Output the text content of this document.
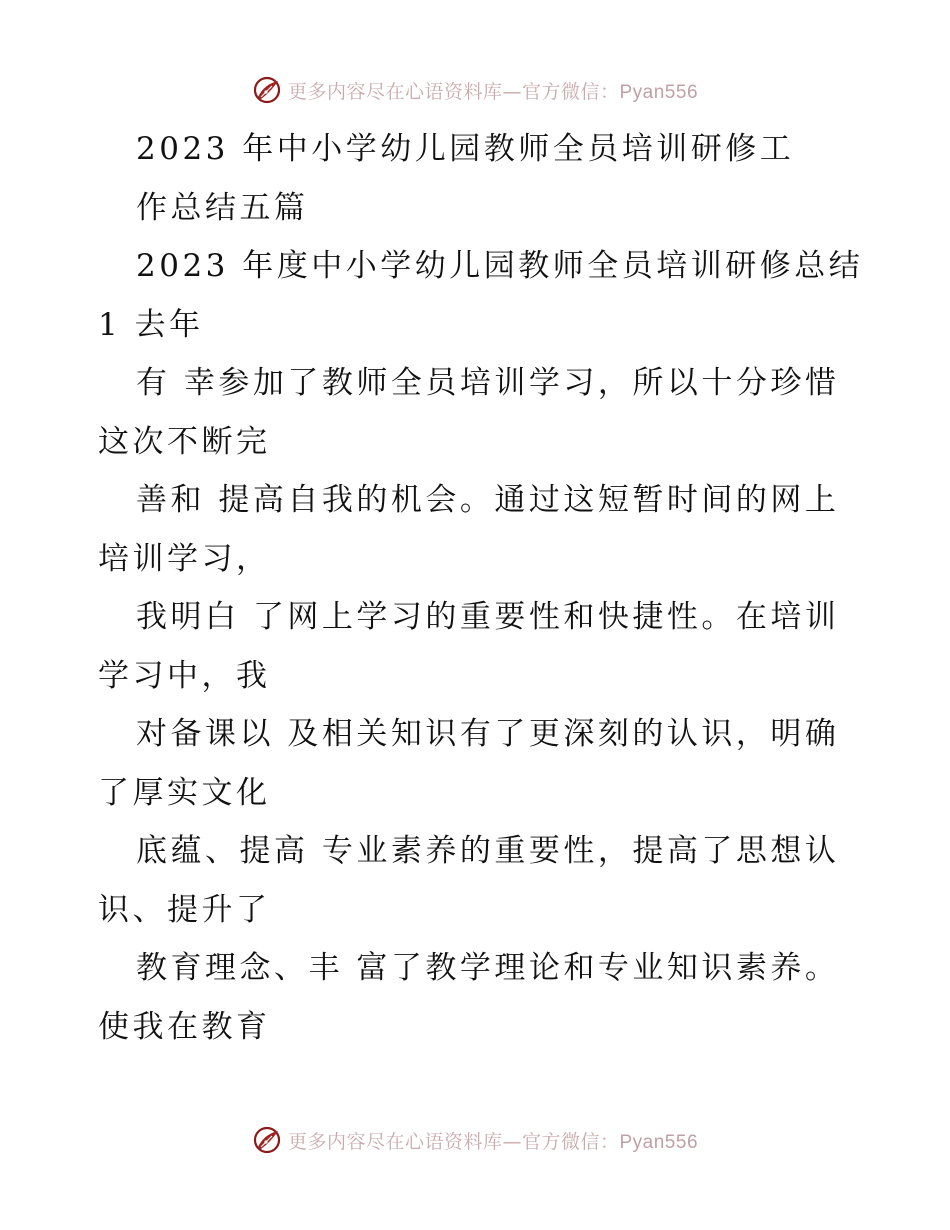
更多内容尽在心语资料库—官方微信：Pyan556
2023 年中小学幼儿园教师全员培训研修工
作总结五篇
2023 年度中小学幼儿园教师全员培训研修总结
1 去年
有 幸参加了教师全员培训学习，所以十分珍惜
这次不断完
善和 提高自我的机会。通过这短暂时间的网上
培训学习，
我明白 了网上学习的重要性和快捷性。在培训
学习中，我
对备课以 及相关知识有了更深刻的认识，明确
了厚实文化
底蕴、提高 专业素养的重要性，提高了思想认
识、提升了
教育理念、丰 富了教学理论和专业知识素养。
使我在教育
更多内容尽在心语资料库—官方微信：Pyan556
